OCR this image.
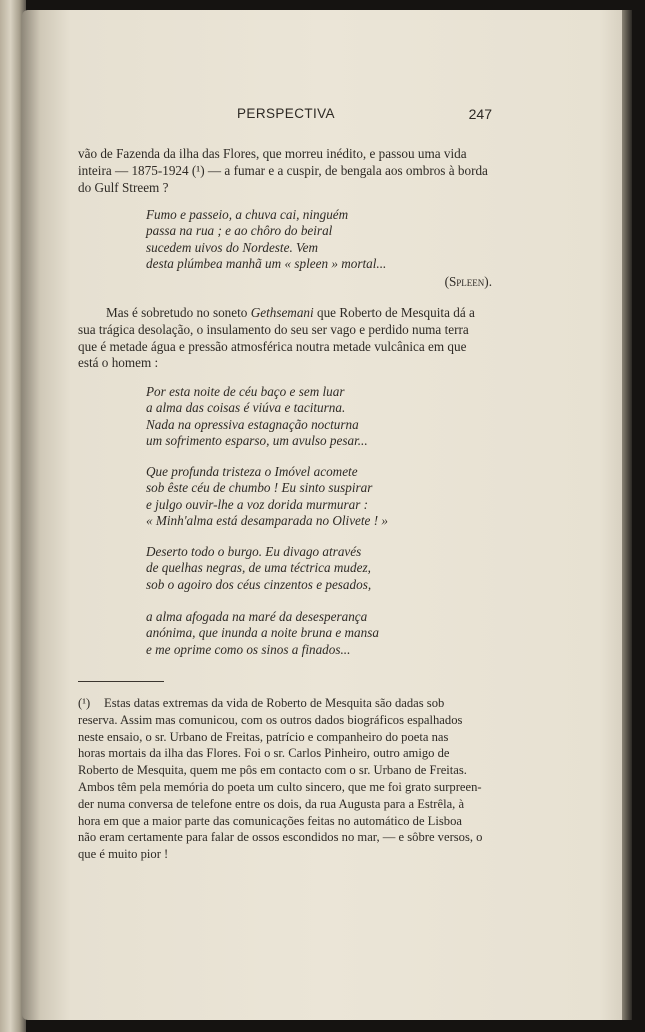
PERSPECTIVA	247
vão de Fazenda da ilha das Flores, que morreu inédito, e passou uma vida
inteira — 1875-1924 (¹) — a fumar e a cuspir, de bengala aos ombros à borda
do Gulf Streem ?
Fumo e passeio, a chuva cai, ninguém
passa na rua ; e ao chôro do beiral
sucedem uivos do Nordeste. Vem
desta plúmbea manhã um « spleen » mortal...
(Spleen).
Mas é sobretudo no soneto Gethsemani que Roberto de Mesquita dá a
sua trágica desolação, o insulamento do seu ser vago e perdido numa terra
que é metade água e pressão atmosférica noutra metade vulcânica em que
está o homem :
Por esta noite de céu baço e sem luar
a alma das coisas é viúva e taciturna.
Nada na opressiva estagnação nocturna
um sofrimento esparso, um avulso pesar...
Que profunda tristeza o Imóvel acomete
sob êste céu de chumbo ! Eu sinto suspirar
e julgo ouvir-lhe a voz dorida murmurar :
« Minh'alma está desamparada no Olivete ! »
Deserto todo o burgo. Eu divago através
de quelhas negras, de uma téctrica mudez,
sob o agoiro dos céus cinzentos e pesados,
a alma afogada na maré da desesperança
anónima, que inunda a noite bruna e mansa
e me oprime como os sinos a finados...
(¹) Estas datas extremas da vida de Roberto de Mesquita são dadas sob
reserva. Assim mas comunicou, com os outros dados biográficos espalhados
neste ensaio, o sr. Urbano de Freitas, patrício e companheiro do poeta nas
horas mortais da ilha das Flores. Foi o sr. Carlos Pinheiro, outro amigo de
Roberto de Mesquita, quem me pôs em contacto com o sr. Urbano de Freitas.
Ambos têm pela memória do poeta um culto sincero, que me foi grato surpreen-
der numa conversa de telefone entre os dois, da rua Augusta para a Estrêla, à
hora em que a maior parte das comunicações feitas no automático de Lisboa
não eram certamente para falar de ossos escondidos no mar, — e sôbre versos, o
que é muito pior !
